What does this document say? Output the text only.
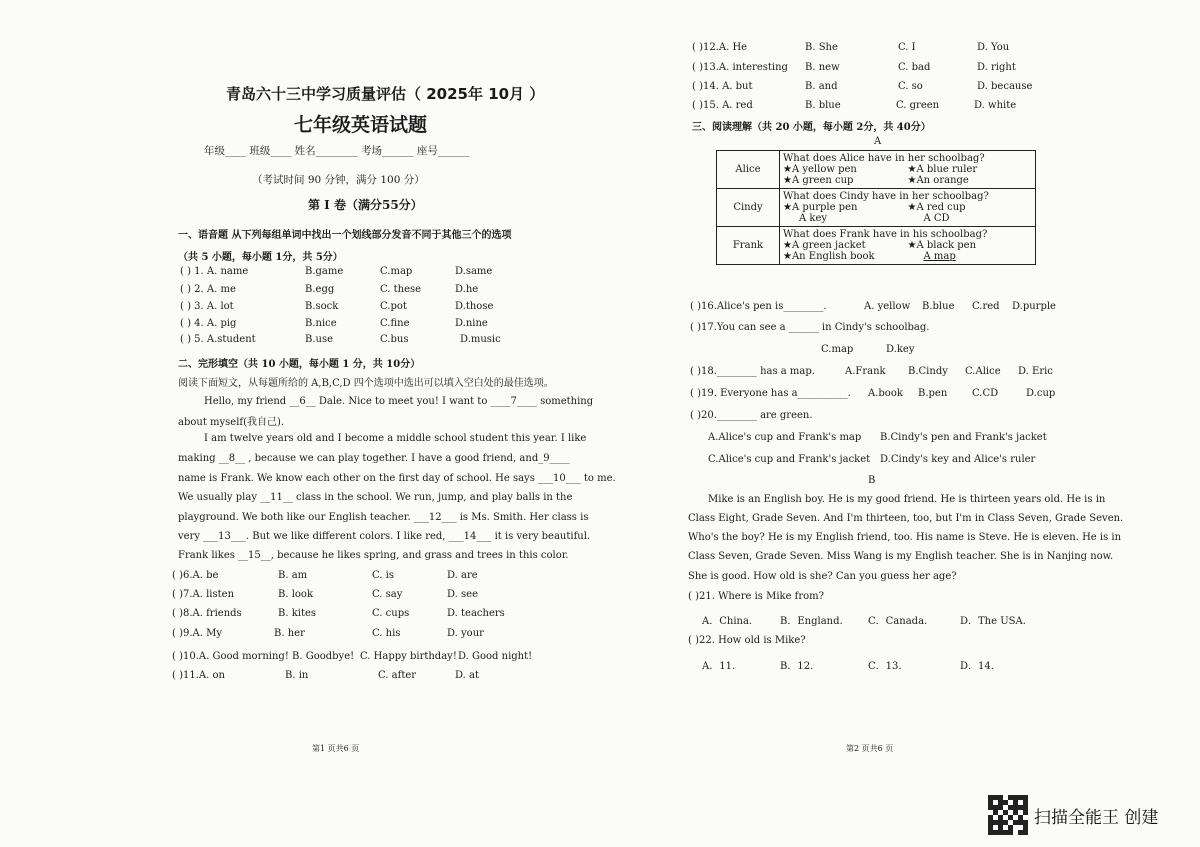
青岛六十三中学习质量评估（ 2025年 10月 ）
七年级英语试题
年级____ 班级____ 姓名________ 考场______ 座号______
（考试时间 90 分钟，满分 100 分）
第 Ⅰ 卷（满分55分）
一、语音题 从下列每组单词中找出一个划线部分发音不同于其他三个的选项
（共 5 小题，每小题 1分，共 5分）
( ) 1. A. name	B.game	C.map	D.same
( ) 2. A. me	B.egg	C. these	D.he
( ) 3. A. lot	B.sock	C.pot	D.those
( ) 4. A. pig	B.nice	C.fine	D.nine
( ) 5. A.student	B.use	C.bus	D.music
二、完形填空（共 10 小题，每小题 1 分，共 10分）
阅读下面短文，从每题所给的 A,B,C,D 四个选项中选出可以填入空白处的最佳选项。
Hello, my friend __6__ Dale. Nice to meet you! I want to ____7____ something
about myself(我自己).
I am twelve years old and I become a middle school student this year. I like
making __8__ , because we can play together. I have a good friend, and_9____
name is Frank. We know each other on the first day of school. He says ___10___ to me.
We usually play __11__ class in the school. We run, jump, and play balls in the
playground. We both like our English teacher. ___12___ is Ms. Smith. Her class is
very ___13___. But we like different colors. I like red, ___14___ it is very beautiful.
Frank likes __15__, because he likes spring, and grass and trees in this color.
( )6.A. be	B. am	C. is	D. are
( )7.A. listen	B. look	C. say	D. see
( )8.A. friends	B. kites	C. cups	D. teachers
( )9.A. My	B. her	C. his	D. your
( )10.A. Good morning! B. Goodbye! C. Happy birthday! D. Good night!
( )11.A. on	B. in	C. after	D. at
第1 页共6 页
( )12.A. He	B. She	C. I	D. You
( )13.A. interesting B. new	C. bad	D. right
( )14. A. but	B. and	C. so	D. because
( )15. A. red	B. blue	C. green	D. white
三、阅读理解（共 20 小题，每小题 2分，共 40分）
A
Alice	What does Alice have in her schoolbag?
★A yellow pen ★A blue ruler
★A green cup ★An orange

Cindy	What does Cindy have in her schoolbag?
★A purple pen ★A red cup
A key A CD

Frank	What does Frank have in his schoolbag?
★A green jacket ★A black pen
★An English book A map
( )16.Alice's pen is________.	A. yellow B.blue C.red D.purple
( )17.You can see a ______ in Cindy's schoolbag.
C.map	D.key
( )18.________ has a map.	A.Frank B.Cindy C.Alice D. Eric
( )19. Everyone has a__________. A.book B.pen C.CD	D.cup
( )20.________ are green.
A.Alice's cup and Frank's map B.Cindy's pen and Frank's jacket
C.Alice's cup and Frank's jacket D.Cindy's key and Alice's ruler
B
Mike is an English boy. He is my good friend. He is thirteen years old. He is in
Class Eight, Grade Seven. And I'm thirteen, too, but I'm in Class Seven, Grade Seven.
Who's the boy? He is my English friend, too. His name is Steve. He is eleven. He is in
Class Seven, Grade Seven. Miss Wang is my English teacher. She is in Nanjing now.
She is good. How old is she? Can you guess her age?
( )21. Where is Mike from?
A．China.	B．England.	C．Canada.	D．The USA.
( )22. How old is Mike?
A．11.	B．12.	C．13.	D．14.
第2 页共6 页
扫描全能王 创建
